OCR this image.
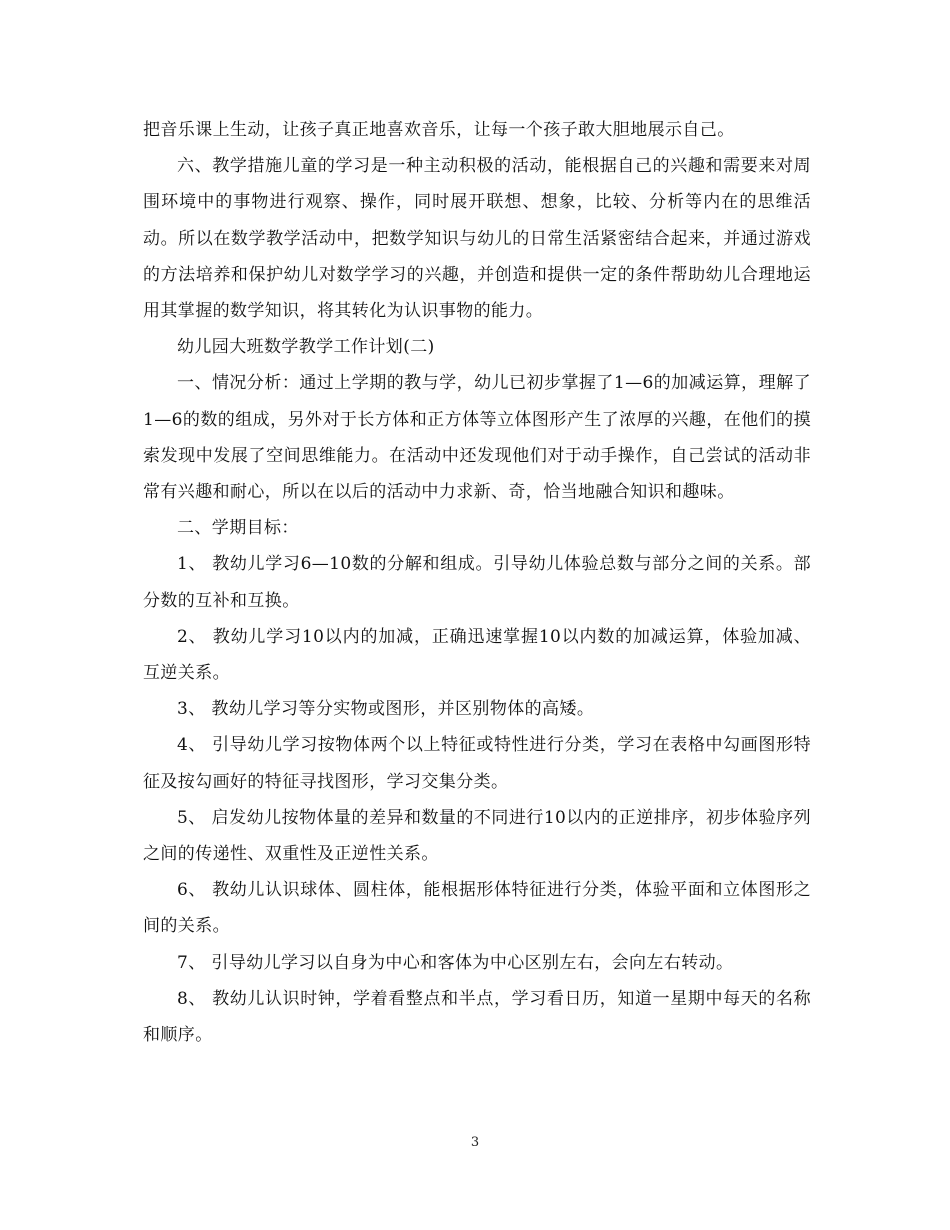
把音乐课上生动，让孩子真正地喜欢音乐，让每一个孩子敢大胆地展示自己。

六、教学措施儿童的学习是一种主动积极的活动，能根据自己的兴趣和需要来对周围环境中的事物进行观察、操作，同时展开联想、想象，比较、分析等内在的思维活动。所以在数学教学活动中，把数学知识与幼儿的日常生活紧密结合起来，并通过游戏的方法培养和保护幼儿对数学学习的兴趣，并创造和提供一定的条件帮助幼儿合理地运用其掌握的数学知识，将其转化为认识事物的能力。

幼儿园大班数学教学工作计划(二)

一、情况分析：通过上学期的教与学，幼儿已初步掌握了1—6的加减运算，理解了1—6的数的组成，另外对于长方体和正方体等立体图形产生了浓厚的兴趣，在他们的摸索发现中发展了空间思维能力。在活动中还发现他们对于动手操作，自己尝试的活动非常有兴趣和耐心，所以在以后的活动中力求新、奇，恰当地融合知识和趣味。

二、学期目标：

1、 教幼儿学习6—10数的分解和组成。引导幼儿体验总数与部分之间的关系。部分数的互补和互换。

2、 教幼儿学习10以内的加减，正确迅速掌握10以内数的加减运算，体验加减、互逆关系。

3、 教幼儿学习等分实物或图形，并区别物体的高矮。

4、 引导幼儿学习按物体两个以上特征或特性进行分类，学习在表格中勾画图形特征及按勾画好的特征寻找图形，学习交集分类。

5、 启发幼儿按物体量的差异和数量的不同进行10以内的正逆排序，初步体验序列之间的传递性、双重性及正逆性关系。

6、 教幼儿认识球体、圆柱体，能根据形体特征进行分类，体验平面和立体图形之间的关系。

7、 引导幼儿学习以自身为中心和客体为中心区别左右，会向左右转动。

8、 教幼儿认识时钟，学着看整点和半点，学习看日历，知道一星期中每天的名称和顺序。

3
